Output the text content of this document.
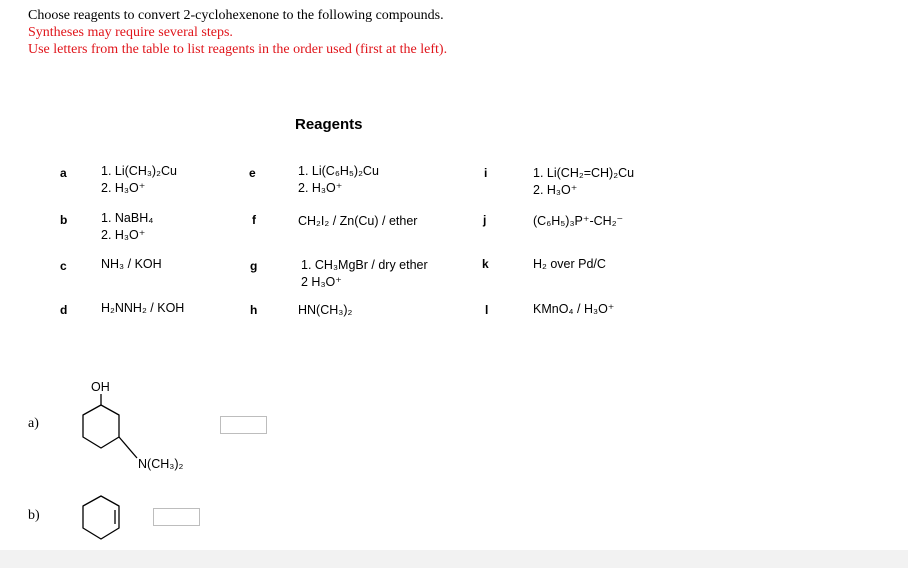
Choose reagents to convert 2-cyclohexenone to the following compounds.
Syntheses may require several steps.
Use letters from the table to list reagents in the order used (first at the left).
Reagents
a	1. Li(CH₃)₂Cu
2. H₃O⁺
b	1. NaBH₄
2. H₃O⁺
c	NH₃ / KOH
d	H₂NNH₂ / KOH
e	1. Li(C₆H₅)₂Cu
2. H₃O⁺
f	CH₂I₂ / Zn(Cu) / ether
g	1. CH₃MgBr / dry ether
2 H₃O⁺
h	HN(CH₃)₂
i	1. Li(CH₂=CH)₂Cu
2. H₃O⁺
j	(C₆H₅)₃P⁺-CH₂⁻
k	H₂ over Pd/C
l	KMnO₄ / H₃O⁺
a)
OH
N(CH₃)₂
b)
